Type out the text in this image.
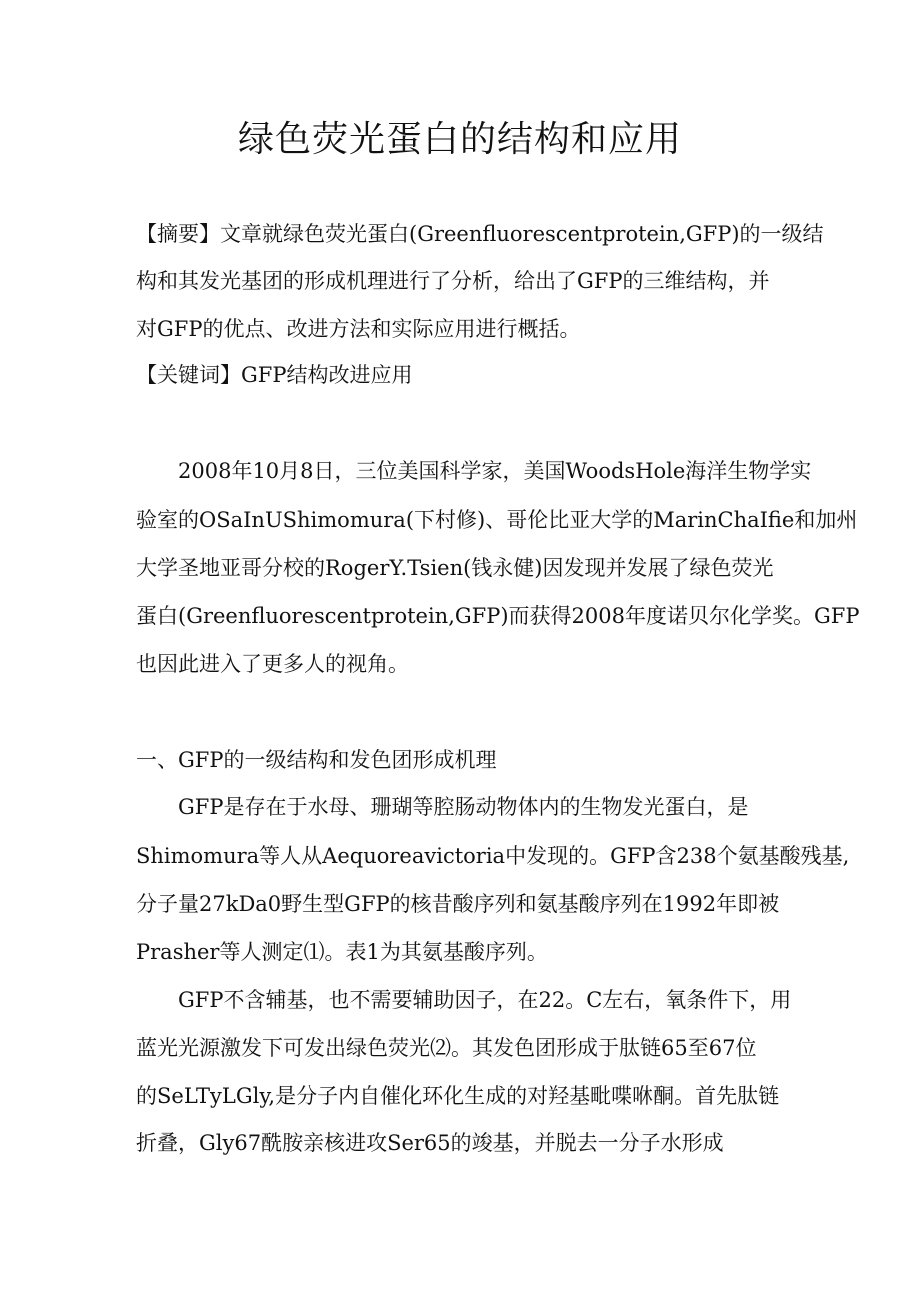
绿色荧光蛋白的结构和应用

【摘要】文章就绿色荧光蛋白(Greenfluorescentprotein,GFP)的一级结

构和其发光基团的形成机理进行了分析，给出了GFP的三维结构，并

对GFP的优点、改进方法和实际应用进行概括。

【关键词】GFP结构改进应用

2008年10月8日，三位美国科学家，美国WoodsHole海洋生物学实

验室的OSaInUShimomura(下村修)、哥伦比亚大学的MarinChaIfie和加州

大学圣地亚哥分校的RogerY.Tsien(钱永健)因发现并发展了绿色荧光

蛋白(Greenfluorescentprotein,GFP)而获得2008年度诺贝尔化学奖。GFP

也因此进入了更多人的视角。

一、GFP的一级结构和发色团形成机理

GFP是存在于水母、珊瑚等腔肠动物体内的生物发光蛋白，是

Shimomura等人从Aequoreavictoria中发现的。GFP含238个氨基酸残基,

分子量27kDa0野生型GFP的核昔酸序列和氨基酸序列在1992年即被

Prasher等人测定⑴。表1为其氨基酸序列。

GFP不含辅基，也不需要辅助因子，在22。C左右，氧条件下，用

蓝光光源激发下可发出绿色荧光⑵。其发色团形成于肽链65至67位

的SeLTyLGly,是分子内自催化环化生成的对羟基毗喋咻酮。首先肽链

折叠，Gly67酰胺亲核进攻Ser65的竣基，并脱去一分子水形成
